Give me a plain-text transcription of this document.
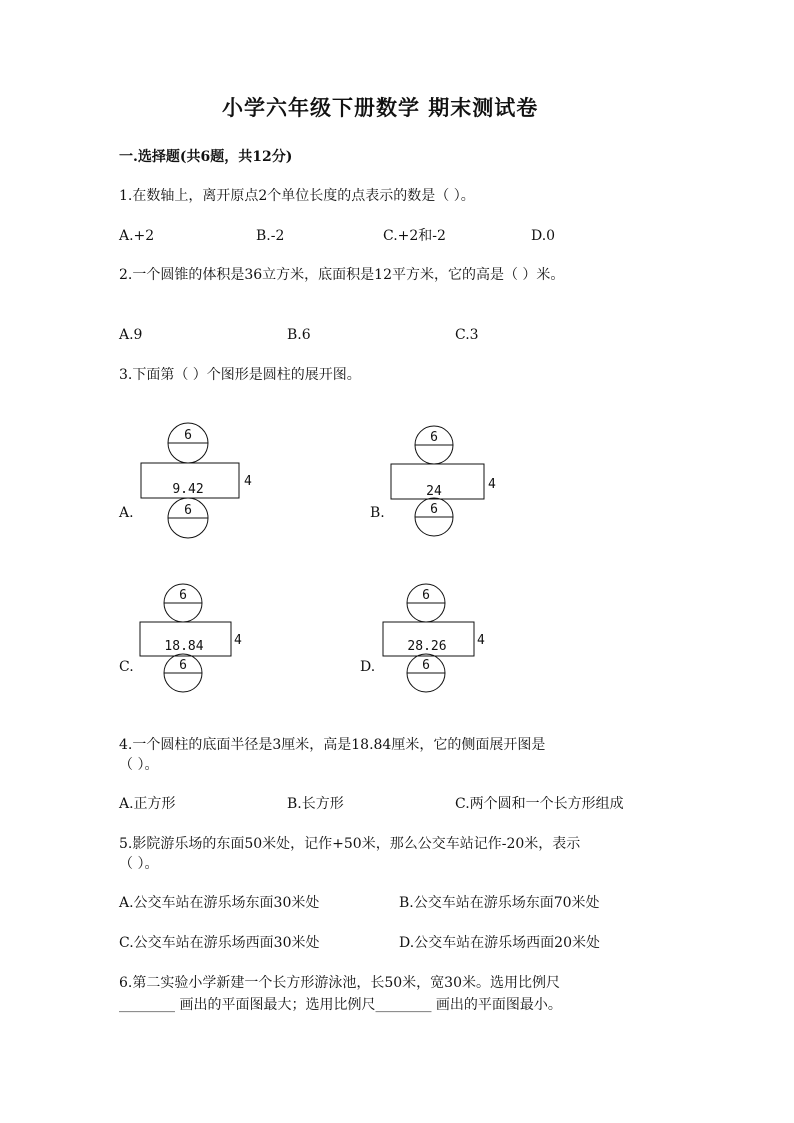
小学六年级下册数学 期末测试卷
一.选择题(共6题，共12分)
1.在数轴上，离开原点2个单位长度的点表示的数是（ ）。
A.+2	B.-2	C.+2和-2	D.0
2.一个圆锥的体积是36立方米，底面积是12平方米，它的高是（ ）米。
A.9	B.6	C.3
3.下面第（ ）个图形是圆柱的展开图。
A.
6
9.42
4
6	B.
6
24	4
6
C.
6
18.84 4
6	D.
6
28.26 4
6
4.一个圆柱的底面半径是3厘米，高是18.84厘米，它的侧面展开图是
（ ）。
A.正方形	B.长方形	C.两个圆和一个长方形组成
5.影院游乐场的东面50米处，记作+50米，那么公交车站记作-20米，表示
（ ）。
A.公交车站在游乐场东面30米处	B.公交车站在游乐场东面70米处
C.公交车站在游乐场西面30米处	D.公交车站在游乐场西面20米处
6.第二实验小学新建一个长方形游泳池，长50米，宽30米。选用比例尺
________ 画出的平面图最大；选用比例尺________ 画出的平面图最小。
